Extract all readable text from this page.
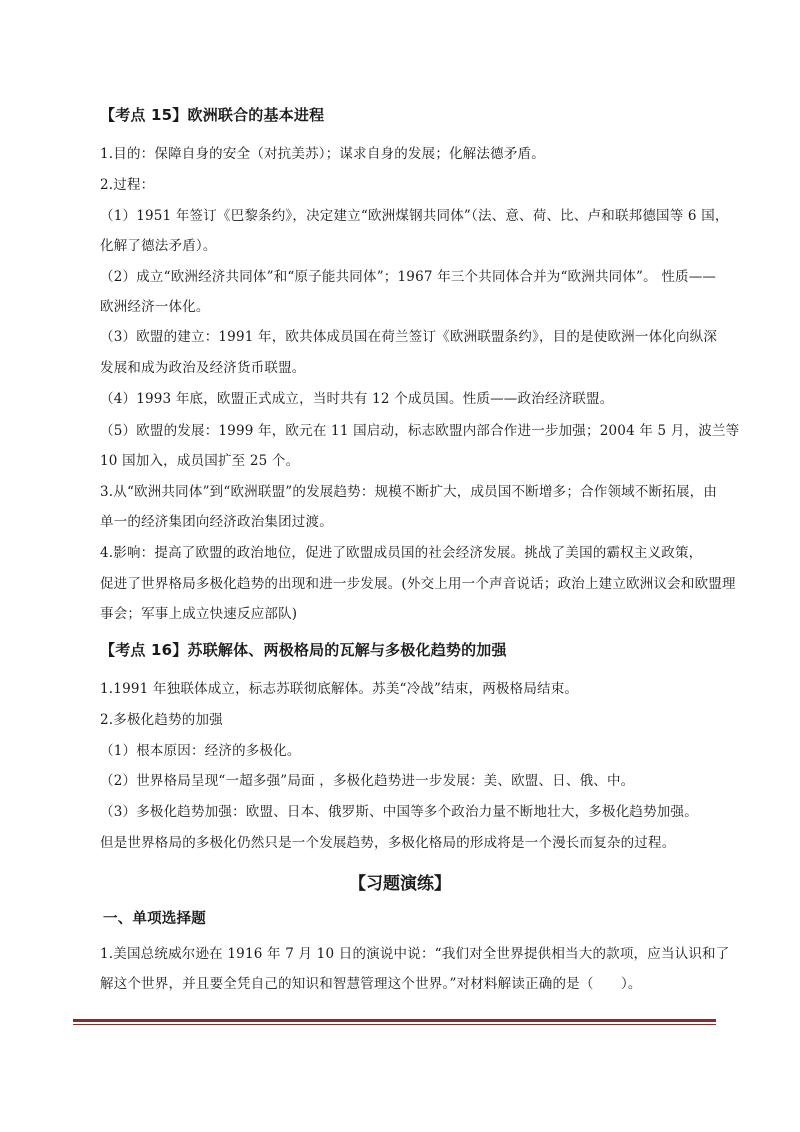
【考点 15】欧洲联合的基本进程
1.目的：保障自身的安全（对抗美苏）；谋求自身的发展；化解法德矛盾。
2.过程：
（1）1951 年签订《巴黎条约》，决定建立“欧洲煤钢共同体”（法、意、荷、比、卢和联邦德国等 6 国，
化解了德法矛盾）。
（2）成立“欧洲经济共同体”和“原子能共同体”；1967 年三个共同体合并为“欧洲共同体”。 性质——
欧洲经济一体化。
（3）欧盟的建立：1991 年，欧共体成员国在荷兰签订《欧洲联盟条约》，目的是使欧洲一体化向纵深
发展和成为政治及经济货币联盟。
（4）1993 年底，欧盟正式成立，当时共有 12 个成员国。性质——政治经济联盟。
（5）欧盟的发展：1999 年，欧元在 11 国启动，标志欧盟内部合作进一步加强；2004 年 5 月，波兰等
10 国加入，成员国扩至 25 个。
3.从“欧洲共同体”到“欧洲联盟”的发展趋势：规模不断扩大，成员国不断增多；合作领域不断拓展，由
单一的经济集团向经济政治集团过渡。
4.影响：提高了欧盟的政治地位，促进了欧盟成员国的社会经济发展。挑战了美国的霸权主义政策，
促进了世界格局多极化趋势的出现和进一步发展。(外交上用一个声音说话；政治上建立欧洲议会和欧盟理
事会；军事上成立快速反应部队)
【考点 16】苏联解体、两极格局的瓦解与多极化趋势的加强
1.1991 年独联体成立，标志苏联彻底解体。苏美“冷战”结束，两极格局结束。
2.多极化趋势的加强
（1）根本原因：经济的多极化。
（2）世界格局呈现“一超多强”局面 ，多极化趋势进一步发展：美、欧盟、日、俄、中。
（3）多极化趋势加强：欧盟、日本、俄罗斯、中国等多个政治力量不断地壮大，多极化趋势加强。
但是世界格局的多极化仍然只是一个发展趋势，多极化格局的形成将是一个漫长而复杂的过程。
【习题演练】
一、单项选择题
1.美国总统威尔逊在 1916 年 7 月 10 日的演说中说：“我们对全世界提供相当大的款项，应当认识和了
解这个世界，并且要全凭自己的知识和智慧管理这个世界。”对材料解读正确的是（　　）。
